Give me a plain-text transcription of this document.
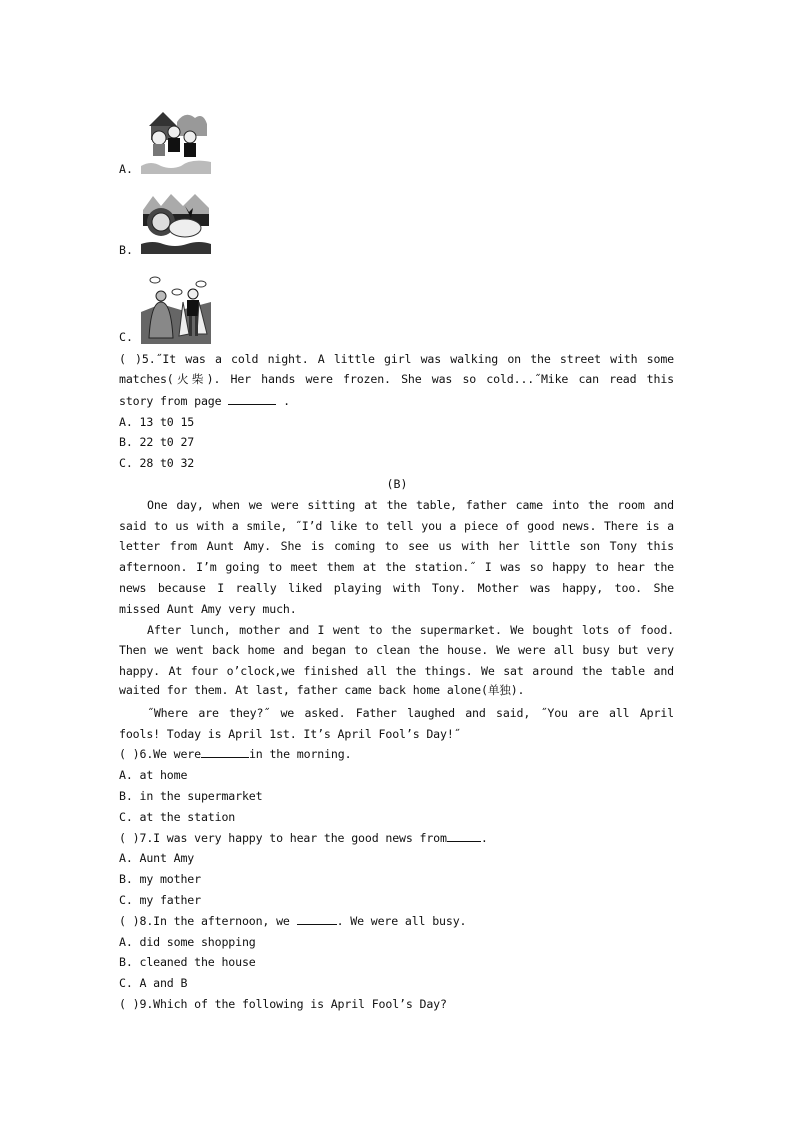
A.
B.
C.
( )5.˝It was a cold night. A little girl was walking on the street with some
matches(火柴). Her hands were frozen. She was so cold...˝Mike can read this
story from page	.
A. 13 t0 15
B. 22 t0 27
C. 28 t0 32
(B)
One day, when we were sitting at the table, father came into the room and
said to us with a smile, ˝I’d like to tell you a piece of good news. There is a
letter from Aunt Amy. She is coming to see us with her little son Tony this
afternoon. I’m going to meet them at the station.˝ I was so happy to hear the
news because I really liked playing with Tony. Mother was happy, too. She
missed Aunt Amy very much.
After lunch, mother and I went to the supermarket. We bought lots of food.
Then we went back home and began to clean the house. We were all busy but very
happy. At four o’clock,we finished all the things. We sat around the table and
waited for them. At last, father came back home alone(单独).
˝Where are they?˝ we asked. Father laughed and said, ˝You are all April
fools! Today is April 1st. It’s April Fool’s Day!˝
( )6.We were	in the morning.
A. at home
B. in the supermarket
C. at the station
( )7.I was very happy to hear the good news from	.
A. Aunt Amy
B. my mother
C. my father
( )8.In the afternoon, we	. We were all busy.
A. did some shopping
B. cleaned the house
C. A and B
( )9.Which of the following is April Fool’s Day?
